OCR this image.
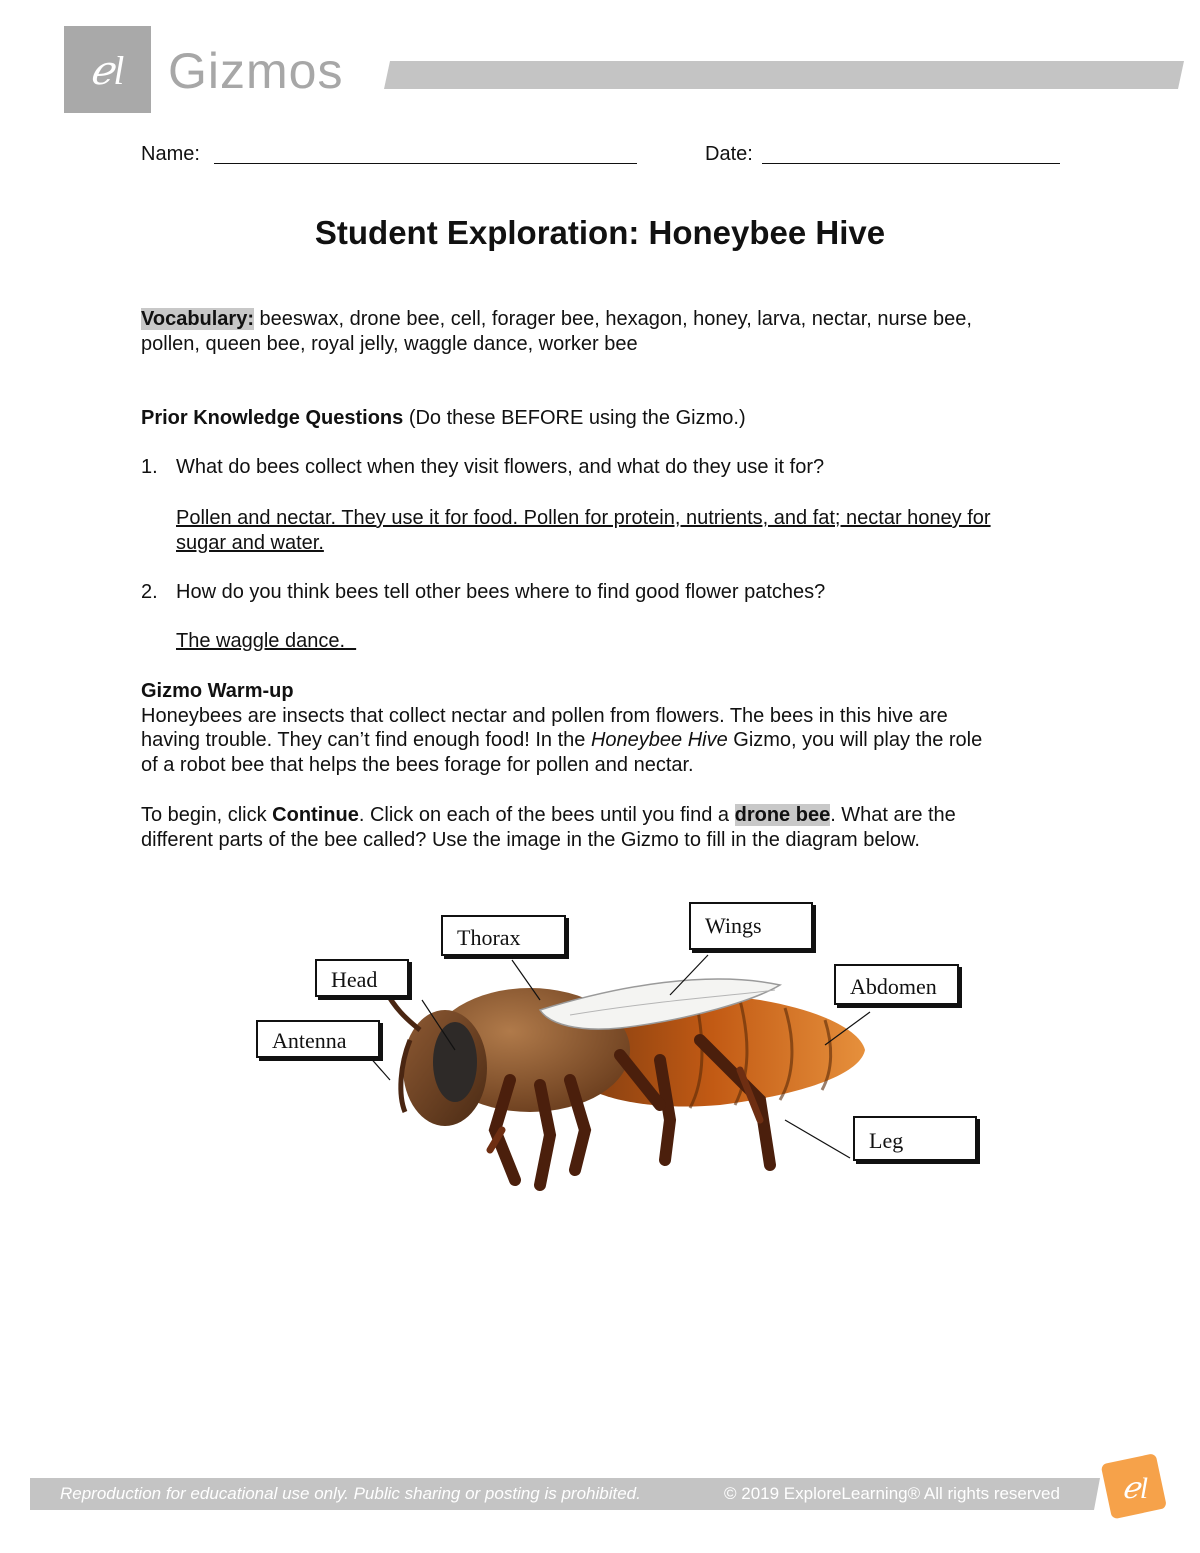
ℯl Gizmos
Name:	Date:
Student Exploration: Honeybee Hive
Vocabulary: beeswax, drone bee, cell, forager bee, hexagon, honey, larva, nectar, nurse bee,
pollen, queen bee, royal jelly, waggle dance, worker bee
Prior Knowledge Questions (Do these BEFORE using the Gizmo.)
1. What do bees collect when they visit flowers, and what do they use it for?
Pollen and nectar. They use it for food. Pollen for protein, nutrients, and fat; nectar honey for
sugar and water.
2. How do you think bees tell other bees where to find good flower patches?
The waggle dance.
Gizmo Warm-up
Honeybees are insects that collect nectar and pollen from flowers. The bees in this hive are
having trouble. They can’t find enough food! In the Honeybee Hive Gizmo, you will play the role
of a robot bee that helps the bees forage for pollen and nectar.
To begin, click Continue. Click on each of the bees until you find a drone bee. What are the
different parts of the bee called? Use the image in the Gizmo to fill in the diagram below.
Thorax	Wings
Head	Abdomen
Antenna
Leg
Reproduction for educational use only. Public sharing or posting is prohibited.	© 2019 ExploreLearning® All rights reserved ℯl
